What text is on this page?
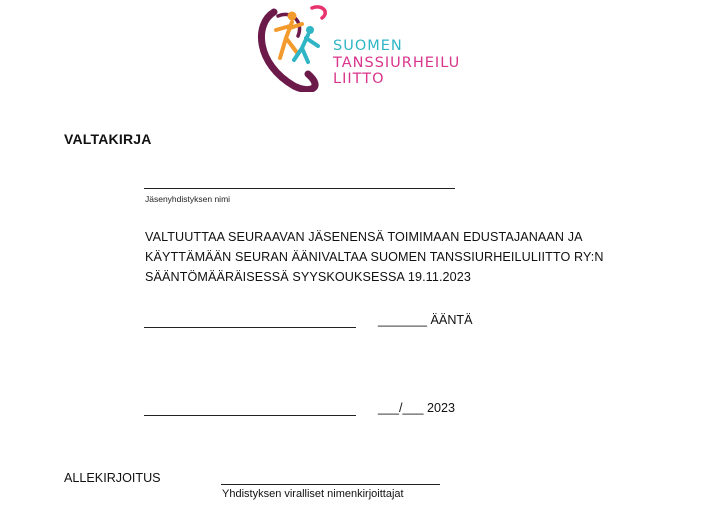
SUOMEN
TANSSIURHEILU
LIITTO
VALTAKIRJA
Jäsenyhdistyksen nimi
VALTUUTTAA SEURAAVAN JÄSENENSÄ TOIMIMAAN EDUSTAJANAAN JA
KÄYTTÄMÄÄN SEURAN ÄÄNIVALTAA SUOMEN TANSSIURHEILULIITTO RY:N
SÄÄNTÖMÄÄRÄISESSÄ SYYSKOUKSESSA 19.11.2023
_______ ÄÄNTÄ
___/___ 2023
ALLEKIRJOITUS
Yhdistyksen viralliset nimenkirjoittajat
